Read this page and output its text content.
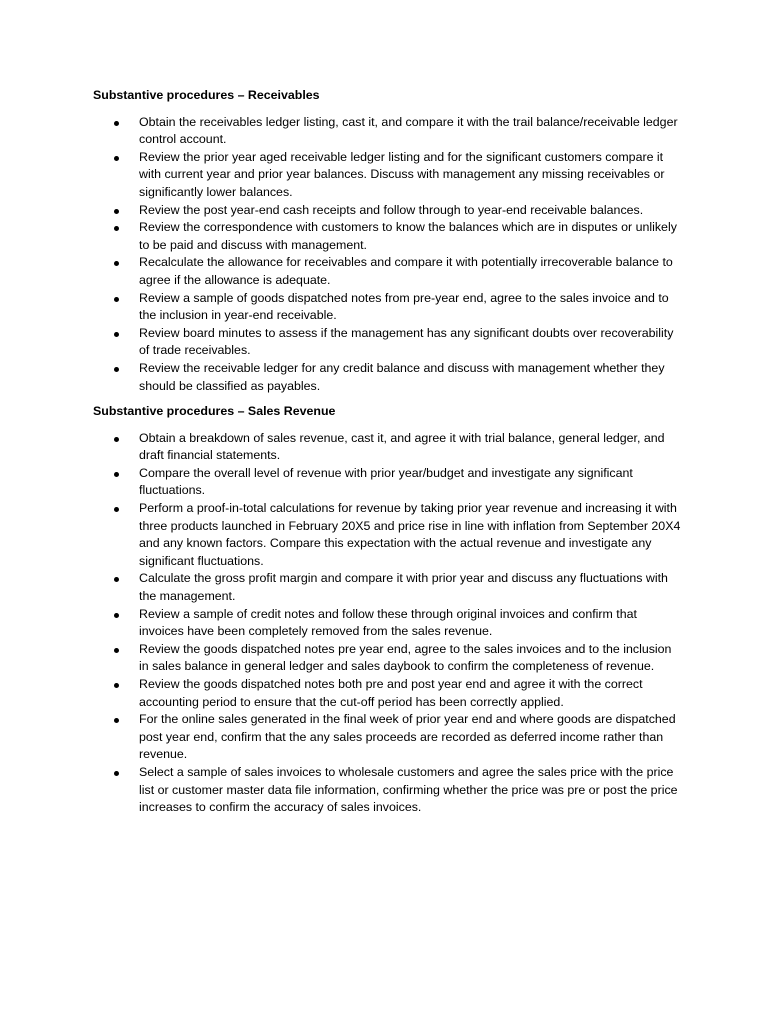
Substantive procedures – Receivables
Obtain the receivables ledger listing, cast it, and compare it with the trail balance/receivable ledger control account.
Review the prior year aged receivable ledger listing and for the significant customers compare it with current year and prior year balances. Discuss with management any missing receivables or significantly lower balances.
Review the post year-end cash receipts and follow through to year-end receivable balances.
Review the correspondence with customers to know the balances which are in disputes or unlikely to be paid and discuss with management.
Recalculate the allowance for receivables and compare it with potentially irrecoverable balance to agree if the allowance is adequate.
Review a sample of goods dispatched notes from pre-year end, agree to the sales invoice and to the inclusion in year-end receivable.
Review board minutes to assess if the management has any significant doubts over recoverability of trade receivables.
Review the receivable ledger for any credit balance and discuss with management whether they should be classified as payables.
Substantive procedures – Sales Revenue
Obtain a breakdown of sales revenue, cast it, and agree it with trial balance, general ledger, and draft financial statements.
Compare the overall level of revenue with prior year/budget and investigate any significant fluctuations.
Perform a proof-in-total calculations for revenue by taking prior year revenue and increasing it with three products launched in February 20X5 and price rise in line with inflation from September 20X4 and any known factors. Compare this expectation with the actual revenue and investigate any significant fluctuations.
Calculate the gross profit margin and compare it with prior year and discuss any fluctuations with the management.
Review a sample of credit notes and follow these through original invoices and confirm that invoices have been completely removed from the sales revenue.
Review the goods dispatched notes pre year end, agree to the sales invoices and to the inclusion in sales balance in general ledger and sales daybook to confirm the completeness of revenue.
Review the goods dispatched notes both pre and post year end and agree it with the correct accounting period to ensure that the cut-off period has been correctly applied.
For the online sales generated in the final week of prior year end and where goods are dispatched post year end, confirm that the any sales proceeds are recorded as deferred income rather than revenue.
Select a sample of sales invoices to wholesale customers and agree the sales price with the price list or customer master data file information, confirming whether the price was pre or post the price increases to confirm the accuracy of sales invoices.
